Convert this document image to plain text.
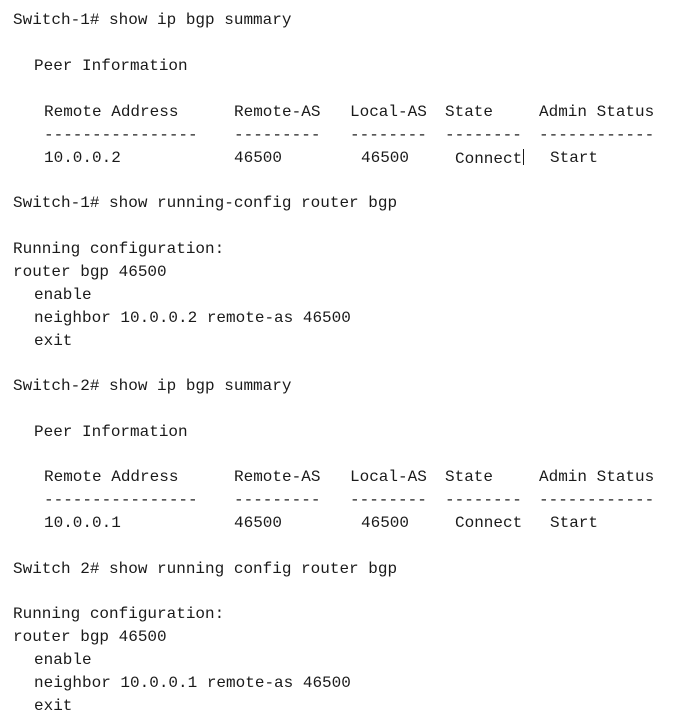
Switch-1# show ip bgp summary
Peer Information
Remote Address	Remote-AS Local-AS State	Admin Status
---------------- --------- -------- -------- ------------
10.0.0.2	46500	46500	Connect Start
Switch-1# show running-config router bgp
Running configuration:
router bgp 46500
enable
neighbor 10.0.0.2 remote-as 46500
exit
Switch-2# show ip bgp summary
Peer Information
Remote Address	Remote-AS Local-AS State	Admin Status
---------------- --------- -------- -------- ------------
10.0.0.1	46500	46500	Connect Start
Switch 2# show running config router bgp
Running configuration:
router bgp 46500
enable
neighbor 10.0.0.1 remote-as 46500
exit
